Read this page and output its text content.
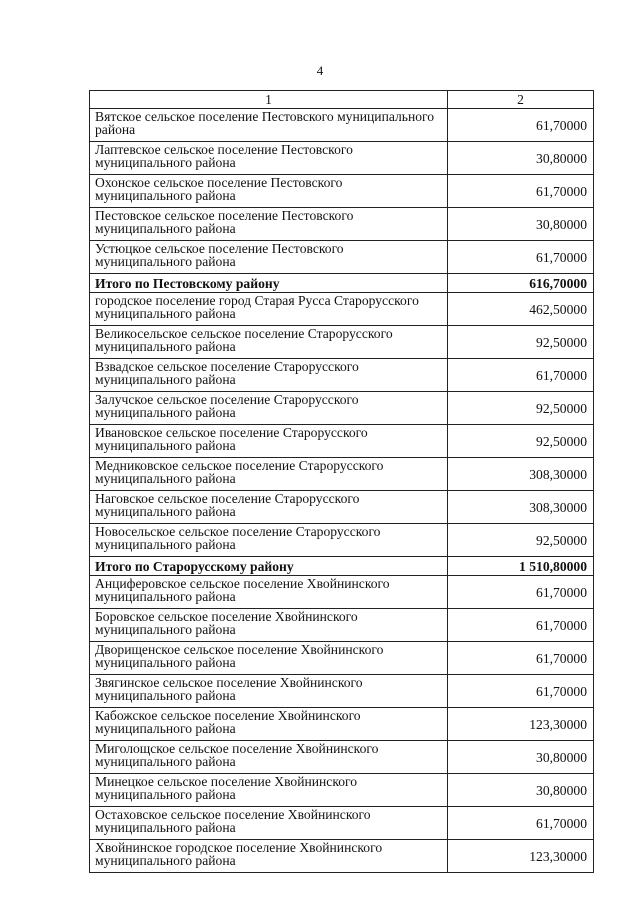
4
1	2
Вятское сельское поселение Пестовского муниципального района	61,70000
Лаптевское сельское поселение Пестовского муниципального района	30,80000
Охонское сельское поселение Пестовского муниципального района	61,70000
Пестовское сельское поселение Пестовского муниципального района	30,80000
Устюцкое сельское поселение Пестовского муниципального района	61,70000
Итого по Пестовскому району	616,70000
городское поселение город Старая Русса Старорусского муниципального района	462,50000
Великосельское сельское поселение Старорусского муниципального района	92,50000
Взвадское сельское поселение Старорусского муниципального района	61,70000
Залучское сельское поселение Старорусского муниципального района	92,50000
Ивановское сельское поселение Старорусского муниципального района	92,50000
Медниковское сельское поселение Старорусского муниципального района	308,30000
Наговское сельское поселение Старорусского муниципального района	308,30000
Новосельское сельское поселение Старорусского муниципального района	92,50000
Итого по Старорусскому району	1 510,80000
Анциферовское сельское поселение Хвойнинского муниципального района	61,70000
Боровское сельское поселение Хвойнинского муниципального района	61,70000
Дворищенское сельское поселение Хвойнинского муниципального района	61,70000
Звягинское сельское поселение Хвойнинского муниципального района	61,70000
Кабожское сельское поселение Хвойнинского муниципального района	123,30000
Миголощское сельское поселение Хвойнинского муниципального района	30,80000
Минецкое сельское поселение Хвойнинского муниципального района	30,80000
Остаховское сельское поселение Хвойнинского муниципального района	61,70000
Хвойнинское городское поселение Хвойнинского муниципального района	123,30000
